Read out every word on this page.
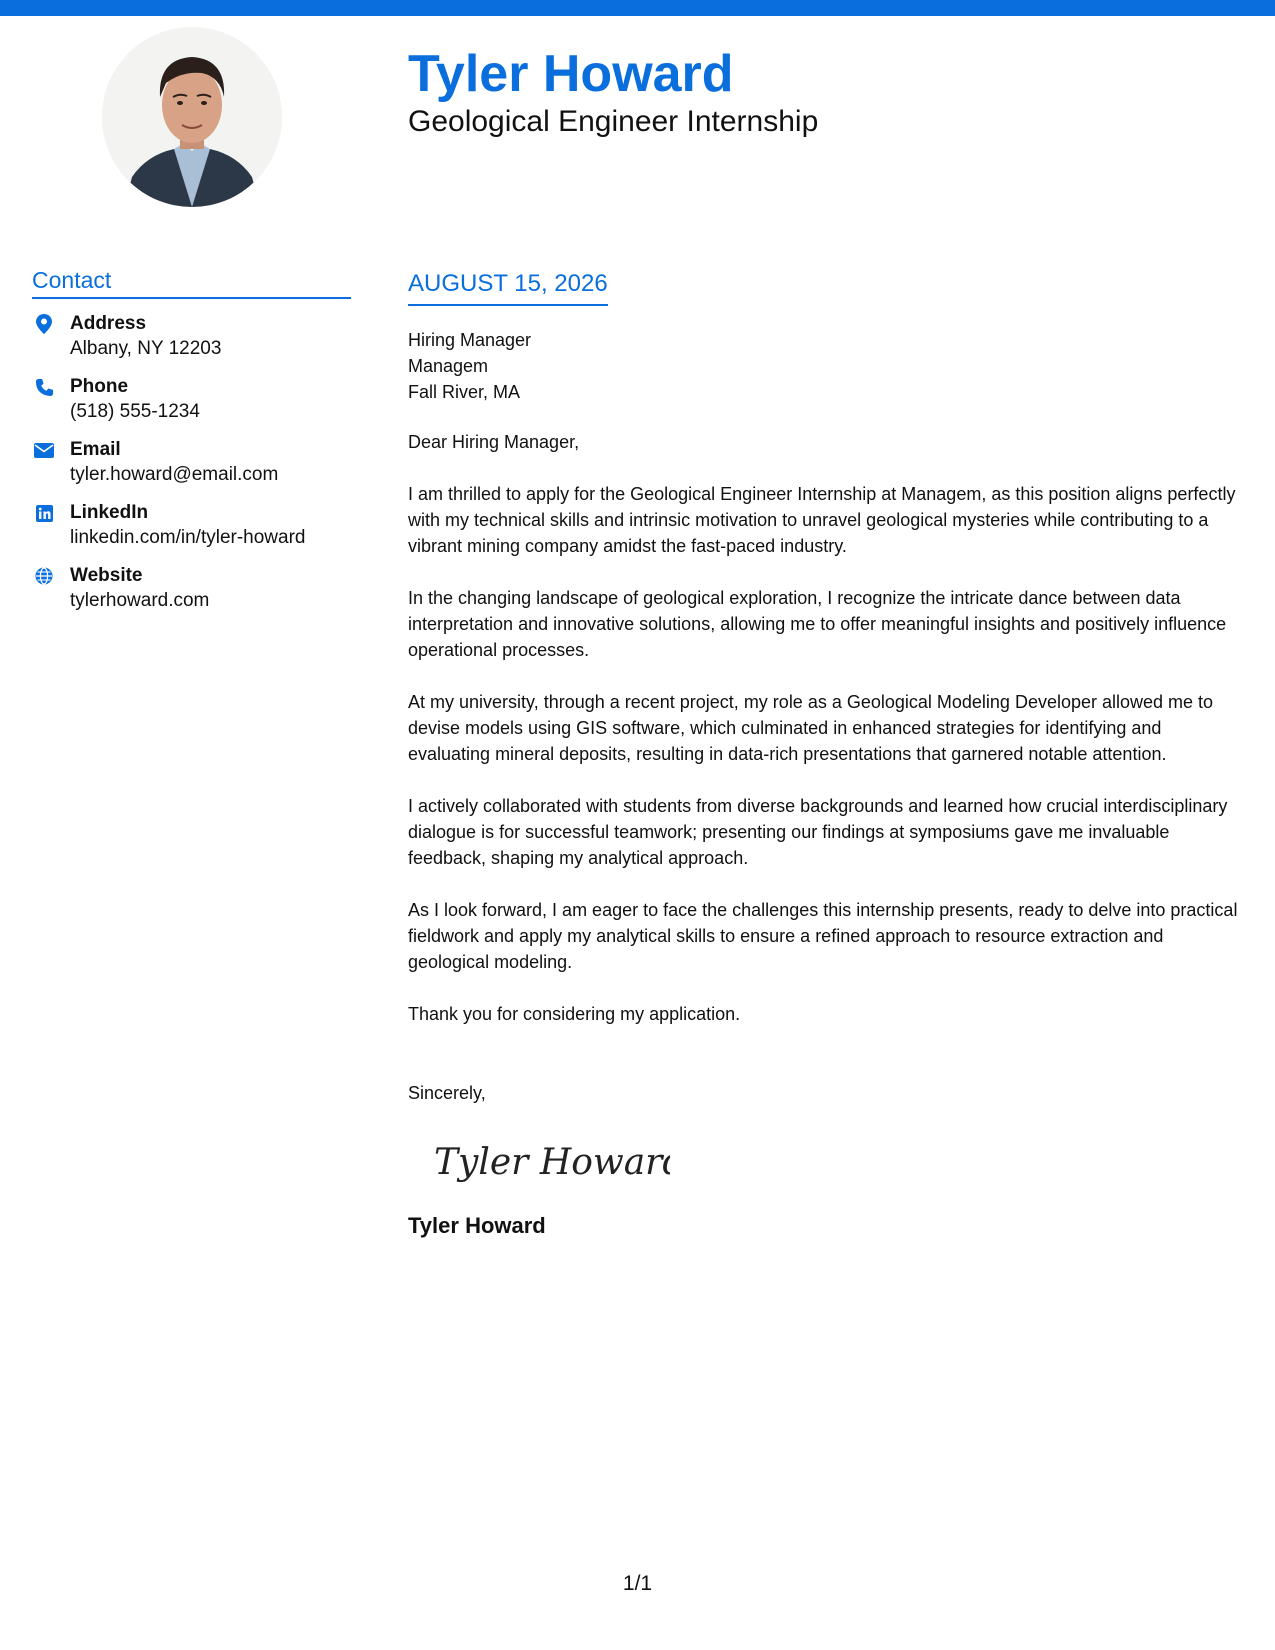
Tyler Howard
Geological Engineer Internship
Contact
Address
Albany, NY 12203
Phone
(518) 555-1234
Email
tyler.howard@email.com
LinkedIn
linkedin.com/in/tyler-howard
Website
tylerhoward.com
AUGUST 15, 2026
Hiring Manager
Managem
Fall River, MA
Dear Hiring Manager,
I am thrilled to apply for the Geological Engineer Internship at Managem, as this position aligns perfectly with my technical skills and intrinsic motivation to unravel geological mysteries while contributing to a vibrant mining company amidst the fast-paced industry.
In the changing landscape of geological exploration, I recognize the intricate dance between data interpretation and innovative solutions, allowing me to offer meaningful insights and positively influence operational processes.
At my university, through a recent project, my role as a Geological Modeling Developer allowed me to devise models using GIS software, which culminated in enhanced strategies for identifying and evaluating mineral deposits, resulting in data-rich presentations that garnered notable attention.
I actively collaborated with students from diverse backgrounds and learned how crucial interdisciplinary dialogue is for successful teamwork; presenting our findings at symposiums gave me invaluable feedback, shaping my analytical approach.
As I look forward, I am eager to face the challenges this internship presents, ready to delve into practical fieldwork and apply my analytical skills to ensure a refined approach to resource extraction and geological modeling.
Thank you for considering my application.
Sincerely,
Tyler Howard
Tyler Howard
1/1
